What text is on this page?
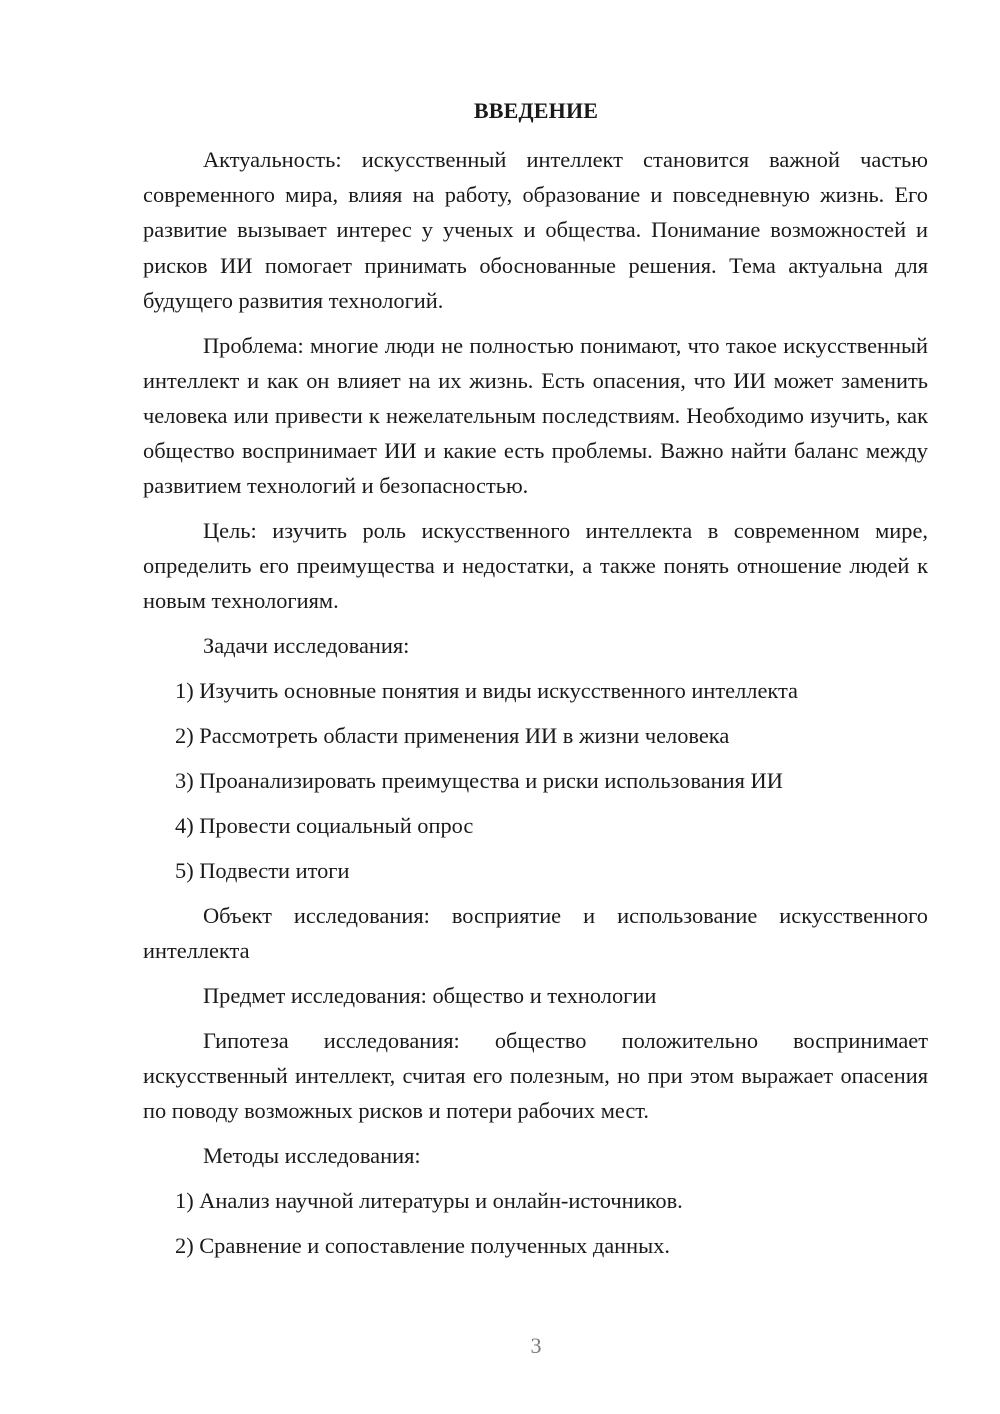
ВВЕДЕНИЕ

Актуальность: искусственный интеллект становится важной частью современного мира, влияя на работу, образование и повседневную жизнь. Его развитие вызывает интерес у ученых и общества. Понимание возможностей и рисков ИИ помогает принимать обоснованные решения. Тема актуальна для будущего развития технологий.

Проблема: многие люди не полностью понимают, что такое искусственный интеллект и как он влияет на их жизнь. Есть опасения, что ИИ может заменить человека или привести к нежелательным последствиям. Необходимо изучить, как общество воспринимает ИИ и какие есть проблемы. Важно найти баланс между развитием технологий и безопасностью.

Цель: изучить роль искусственного интеллекта в современном мире, определить его преимущества и недостатки, а также понять отношение людей к новым технологиям.

Задачи исследования:

1) Изучить основные понятия и виды искусственного интеллекта

2) Рассмотреть области применения ИИ в жизни человека

3) Проанализировать преимущества и риски использования ИИ

4) Провести социальный опрос

5) Подвести итоги

Объект исследования: восприятие и использование искусственного интеллекта

Предмет исследования: общество и технологии

Гипотеза исследования: общество положительно воспринимает искусственный интеллект, считая его полезным, но при этом выражает опасения по поводу возможных рисков и потери рабочих мест.

Методы исследования:

1) Анализ научной литературы и онлайн-источников.

2) Сравнение и сопоставление полученных данных.

3
